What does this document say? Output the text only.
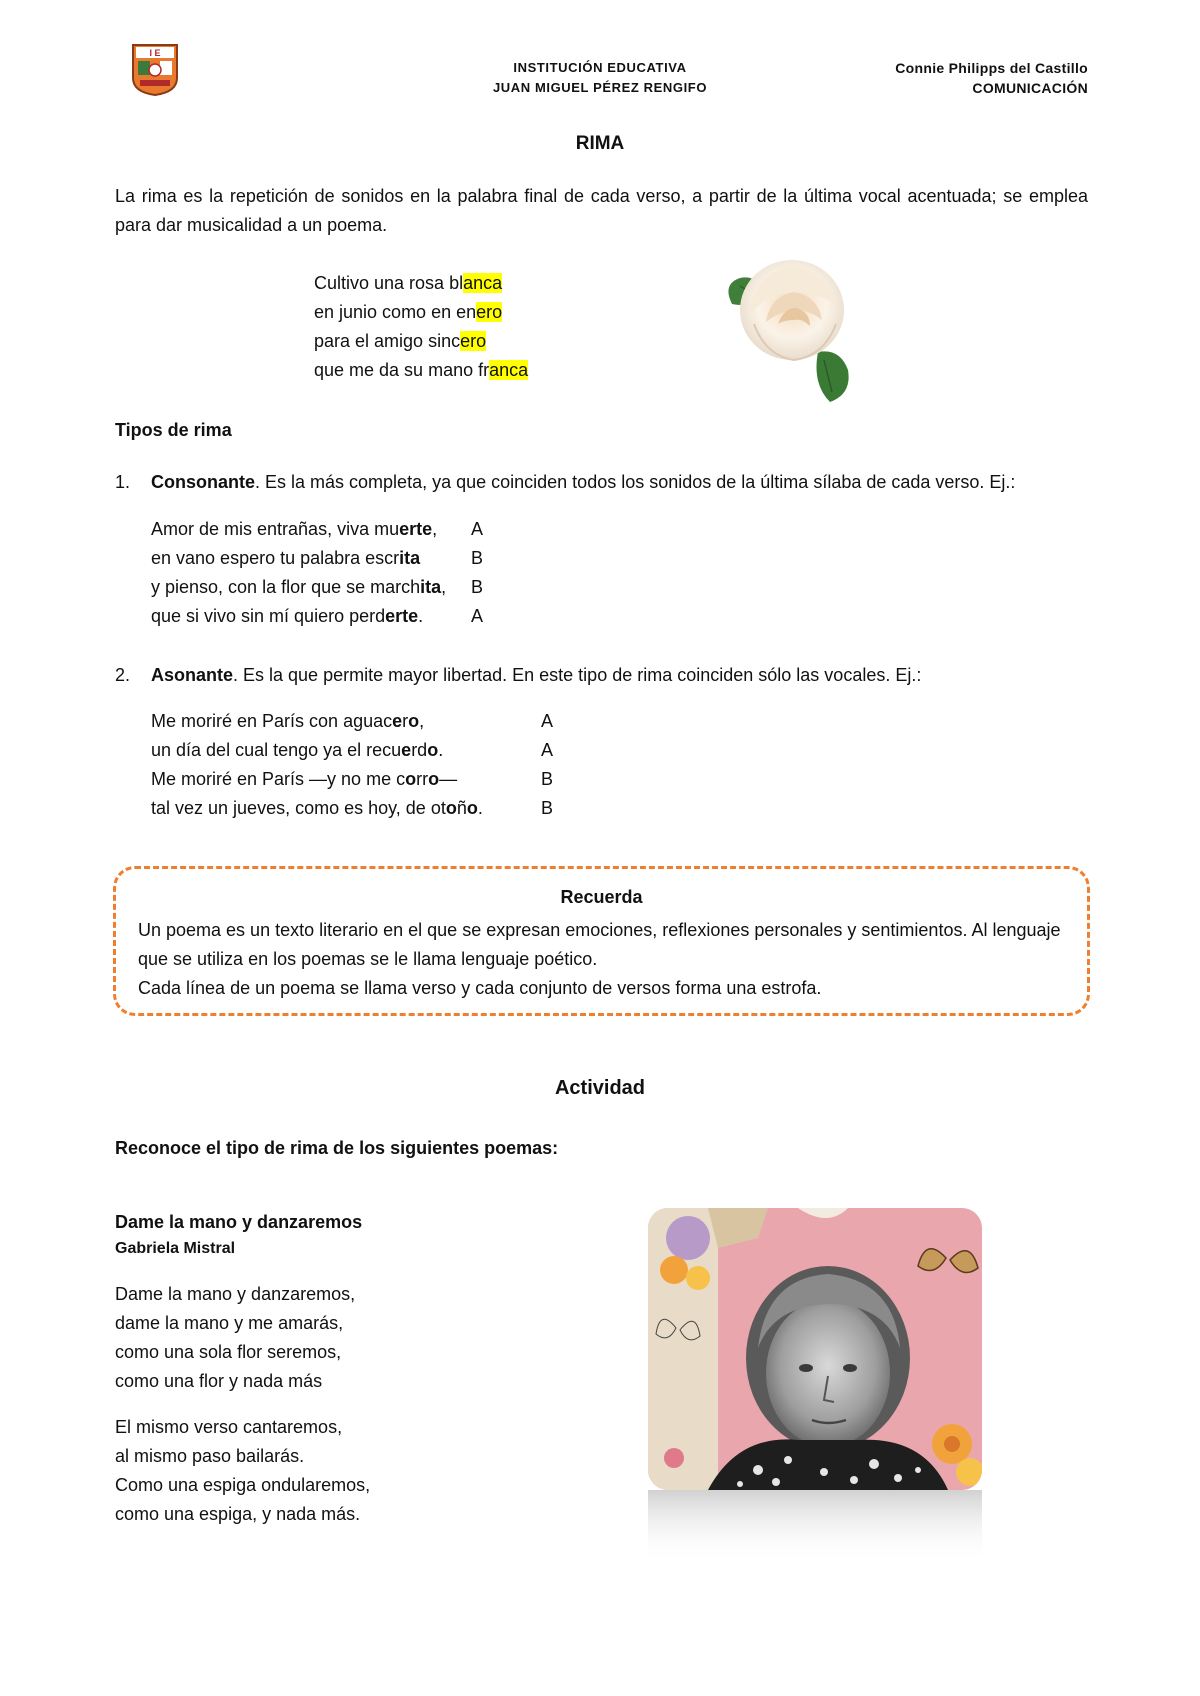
I E
INSTITUCIÓN EDUCATIVA
JUAN MIGUEL PÉREZ RENGIFO
Connie Philipps del Castillo
COMUNICACIÓN
RIMA
La rima es la repetición de sonidos en la palabra final de cada verso, a partir de la última vocal acentuada; se emplea para dar musicalidad a un poema.
Cultivo una rosa blanca
en junio como en enero
para el amigo sincero
que me da su mano franca
Tipos de rima
1.	Consonante. Es la más completa, ya que coinciden todos los sonidos de la última sílaba de cada verso. Ej.:
Amor de mis entrañas, viva muerte, A
en vano espero tu palabra escrita	B
y pienso, con la flor que se marchita, B
que si vivo sin mí quiero perderte.	A
2.	Asonante. Es la que permite mayor libertad. En este tipo de rima coinciden sólo las vocales. Ej.:
Me moriré en París con aguacero,	A
un día del cual tengo ya el recuerdo.	A
Me moriré en París —y no me corro—	B
tal vez un jueves, como es hoy, de otoño.	B
Recuerda
Un poema es un texto literario en el que se expresan emociones, reflexiones personales y sentimientos. Al lenguaje que se utiliza en los poemas se le llama lenguaje poético.
Cada línea de un poema se llama verso y cada conjunto de versos forma una estrofa.
Actividad
Reconoce el tipo de rima de los siguientes poemas:
Dame la mano y danzaremos
Gabriela Mistral
Dame la mano y danzaremos,
dame la mano y me amarás,
como una sola flor seremos,
como una flor y nada más
El mismo verso cantaremos,
al mismo paso bailarás.
Como una espiga ondularemos,
como una espiga, y nada más.
